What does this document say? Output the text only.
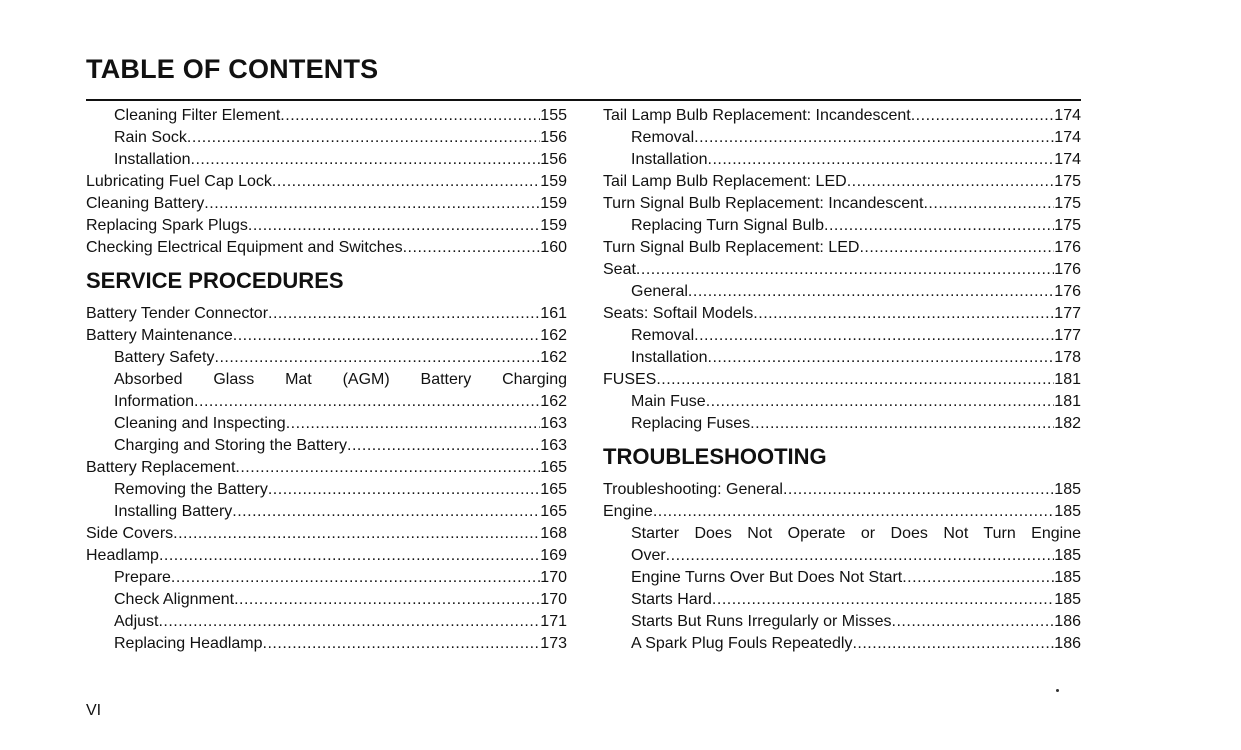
TABLE OF CONTENTS
Cleaning Filter Element .....	155
Rain Sock .....	156
Installation .....	156
Lubricating Fuel Cap Lock .....	159
Cleaning Battery .....	159
Replacing Spark Plugs .....	159
Checking Electrical Equipment and Switches .....	160
SERVICE PROCEDURES
Battery Tender Connector .....	161
Battery Maintenance .....	162
Battery Safety .....	162
Absorbed Glass Mat (AGM) Battery Charging
Information .....	162
Cleaning and Inspecting .....	163
Charging and Storing the Battery .....	163
Battery Replacement .....	165
Removing the Battery .....	165
Installing Battery .....	165
Side Covers .....	168
Headlamp .....	169
Prepare .....	170
Check Alignment .....	170
Adjust .....	171
Replacing Headlamp .....	173
Tail Lamp Bulb Replacement: Incandescent .....	174
Removal .....	174
Installation .....	174
Tail Lamp Bulb Replacement: LED .....	175
Turn Signal Bulb Replacement: Incandescent .....	175
Replacing Turn Signal Bulb .....	175
Turn Signal Bulb Replacement: LED .....	176
Seat .....	176
General .....	176
Seats: Softail Models .....	177
Removal .....	177
Installation .....	178
FUSES .....	181
Main Fuse .....	181
Replacing Fuses .....	182
TROUBLESHOOTING
Troubleshooting: General .....	185
Engine .....	185
Starter Does Not Operate or Does Not Turn Engine
Over .....	185
Engine Turns Over But Does Not Start .....	185
Starts Hard .....	185
Starts But Runs Irregularly or Misses .....	186
A Spark Plug Fouls Repeatedly .....	186
VI
